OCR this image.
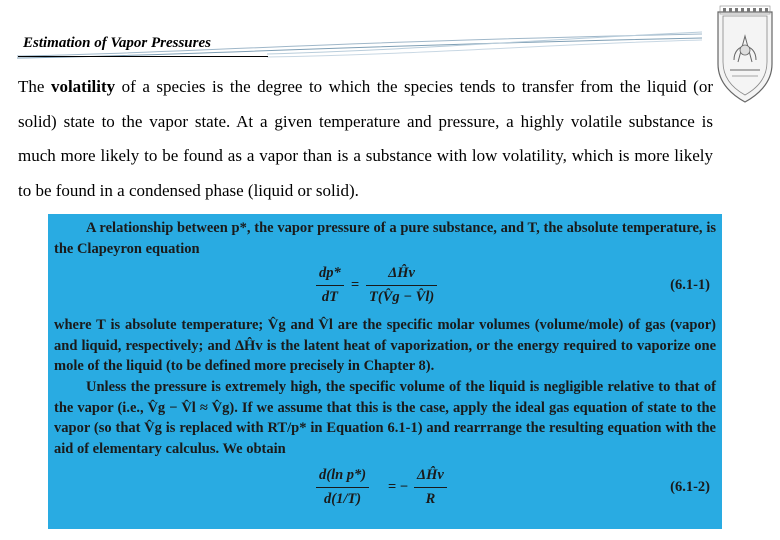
Estimation of Vapor Pressures
The volatility of a species is the degree to which the species tends to transfer from the liquid (or solid) state to the vapor state. At a given temperature and pressure, a highly volatile substance is much more likely to be found as a vapor than is a substance with low volatility, which is more likely to be found in a condensed phase (liquid or solid).

A relationship between p*, the vapor pressure of a pure substance, and T, the absolute temperature, is the Clapeyron equation

dp*
dT
=
ΔĤv
T(V̂g − V̂l)
(6.1-1)

where T is absolute temperature; V̂g and V̂l are the specific molar volumes (volume/mole) of gas (vapor) and liquid, respectively; and ΔĤv is the latent heat of vaporization, or the energy required to vaporize one mole of the liquid (to be defined more precisely in Chapter 8).

Unless the pressure is extremely high, the specific volume of the liquid is negligible relative to that of the vapor (i.e., V̂g − V̂l ≈ V̂g). If we assume that this is the case, apply the ideal gas equation of state to the vapor (so that V̂g is replaced with RT/p* in Equation 6.1-1) and rearrrange the resulting equation with the aid of elementary calculus. We obtain

d(ln p*)
d(1/T)
= −
ΔĤv
R
(6.1-2)
